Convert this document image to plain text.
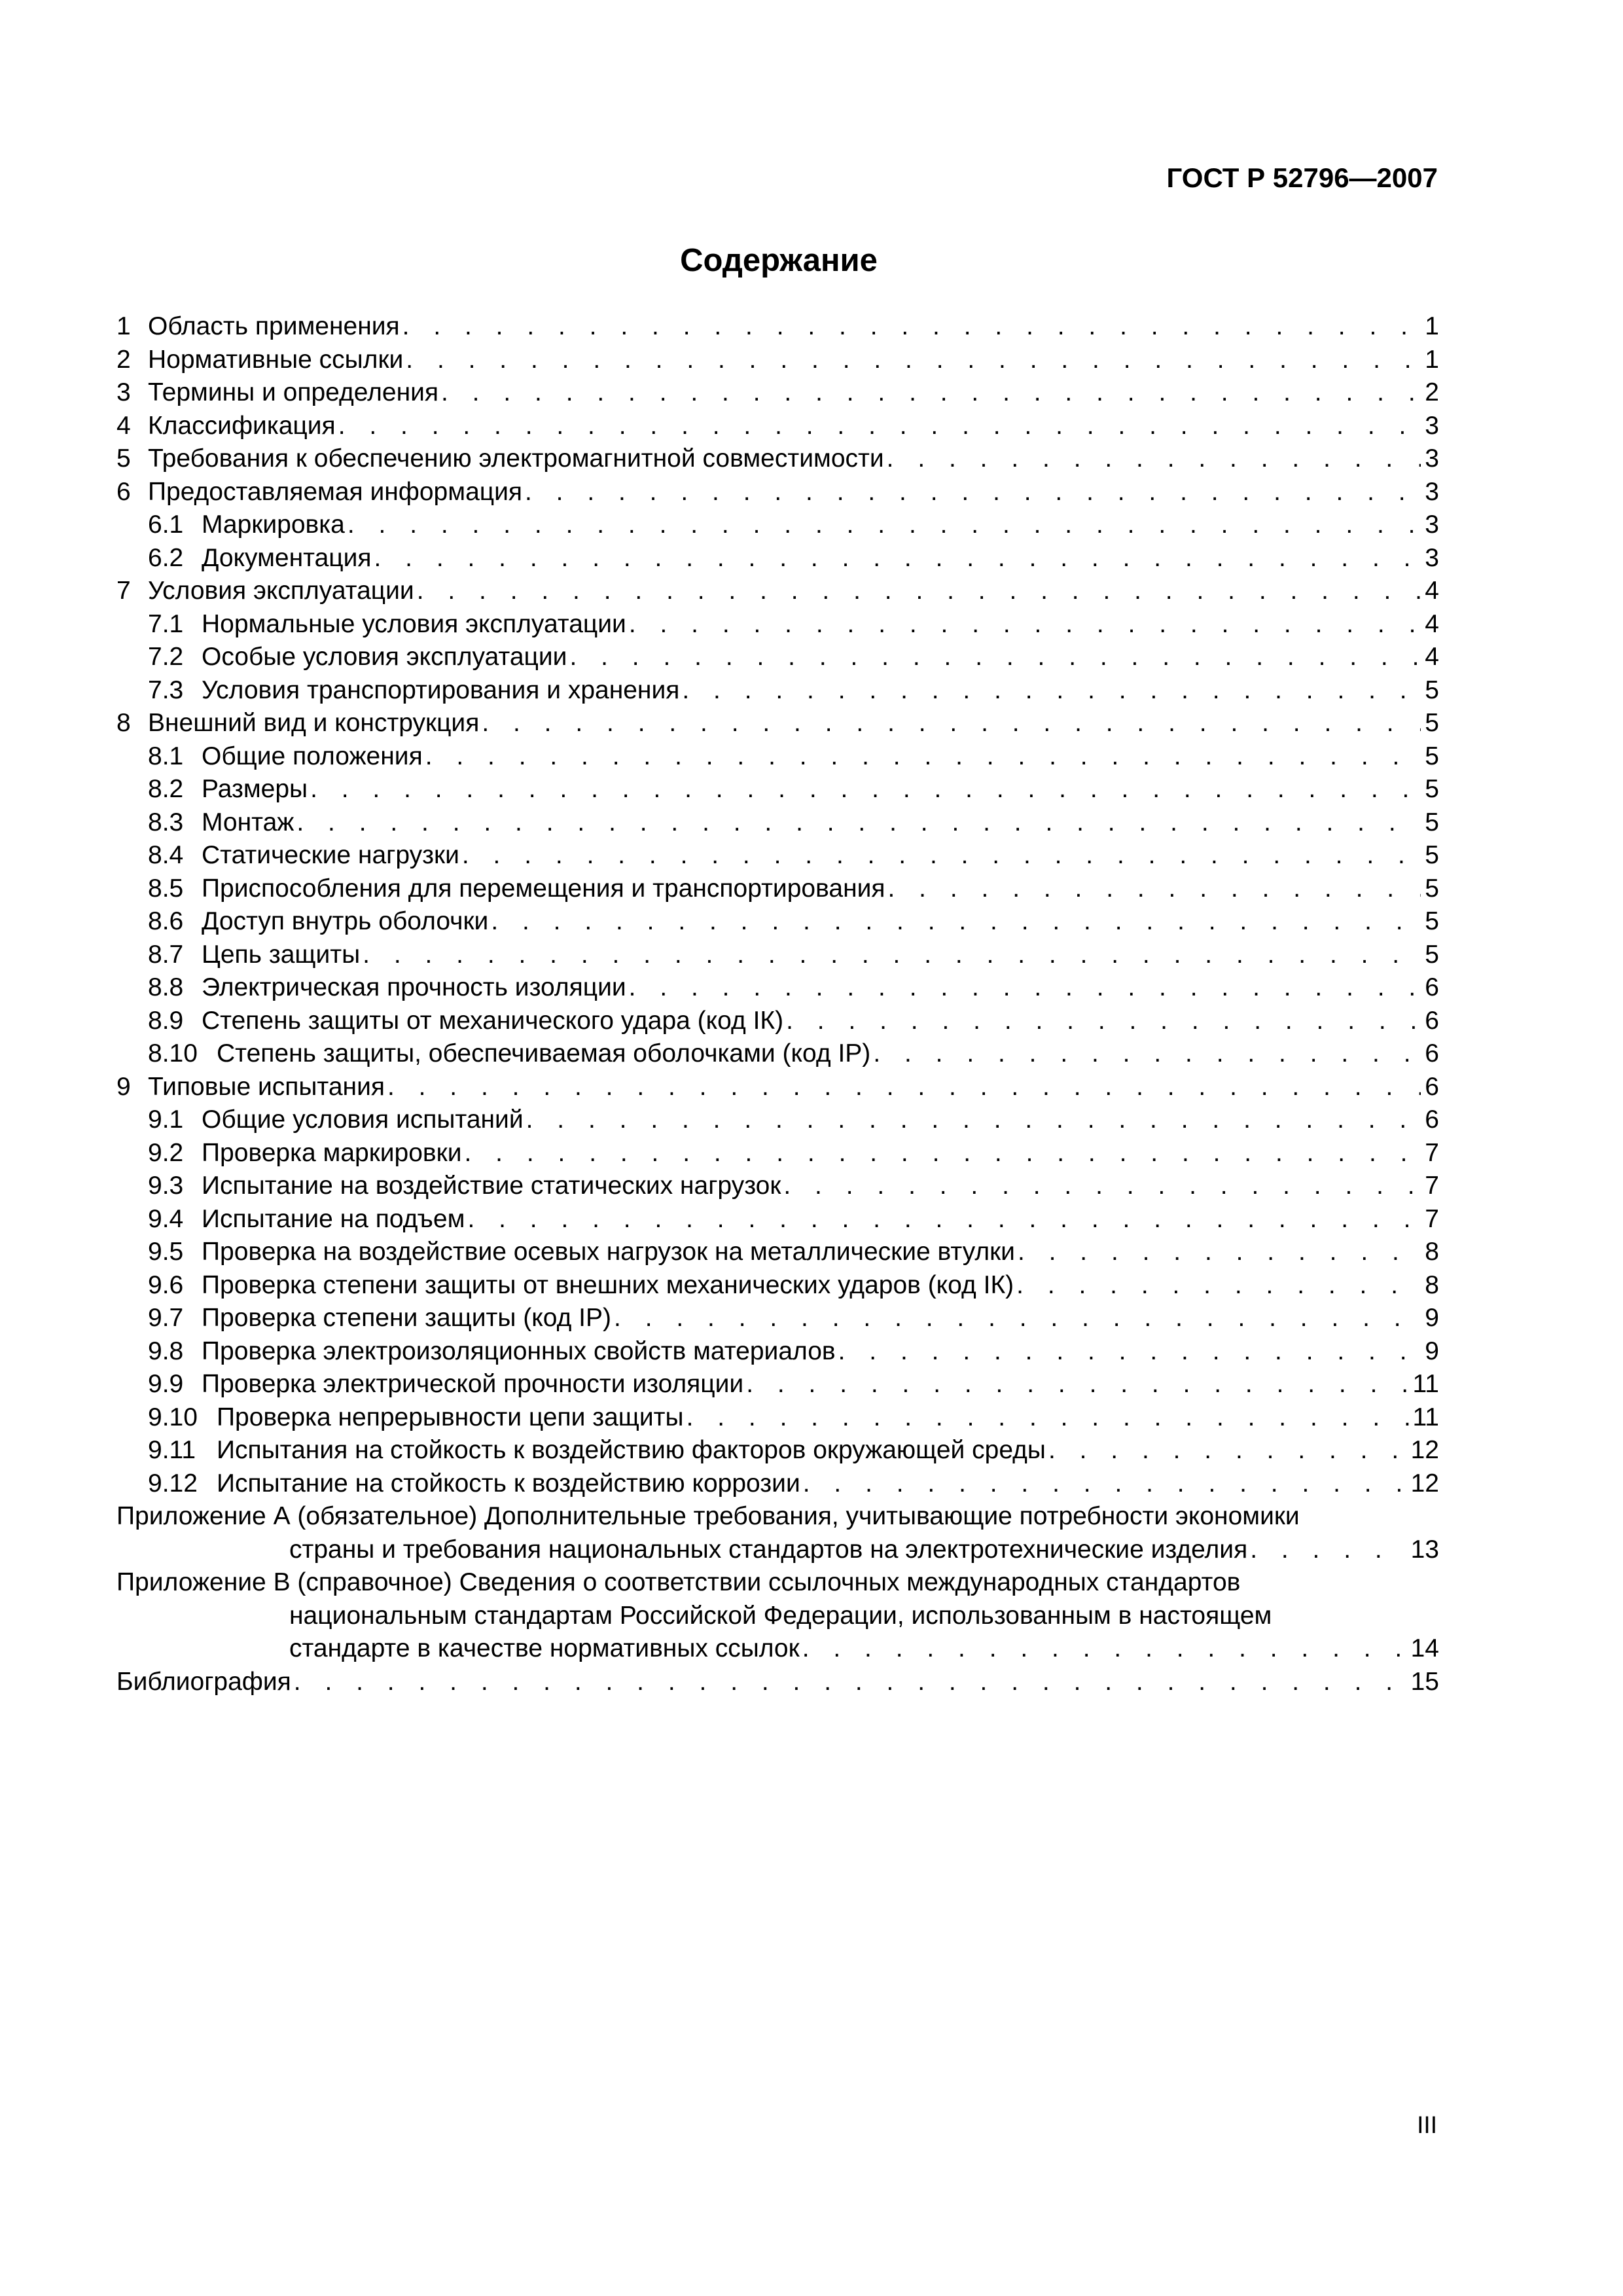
ГОСТ Р 52796—2007
Содержание
1 Область применения . . .	1
2 Нормативные ссылки . . .	1
3 Термины и определения . . .	2
4 Классификация . . .	3
5 Требования к обеспечению электромагнитной совместимости . . .	3
6 Предоставляемая информация . . .	3
6.1 Маркировка . . .	3
6.2 Документация . . .	3
7 Условия эксплуатации . . .	4
7.1 Нормальные условия эксплуатации . . .	4
7.2 Особые условия эксплуатации . . .	4
7.3 Условия транспортирования и хранения . . .	5
8 Внешний вид и конструкция . . .	5
8.1 Общие положения . . .	5
8.2 Размеры . . .	5
8.3 Монтаж . . .	5
8.4 Статические нагрузки . . .	5
8.5 Приспособления для перемещения и транспортирования . . .	5
8.6 Доступ внутрь оболочки . . .	5
8.7 Цепь защиты . . .	5
8.8 Электрическая прочность изоляции . . .	6
8.9 Степень защиты от механического удара (код IК) . . .	6
8.10 Степень защиты, обеспечиваемая оболочками (код IP) . . .	6
9 Типовые испытания . . .	6
9.1 Общие условия испытаний . . .	6
9.2 Проверка маркировки . . .	7
9.3 Испытание на воздействие статических нагрузок . . .	7
9.4 Испытание на подъем . . .	7
9.5 Проверка на воздействие осевых нагрузок на металлические втулки . . .	8
9.6 Проверка степени защиты от внешних механических ударов (код IК) . . .	8
9.7 Проверка степени защиты (код IP) . . .	9
9.8 Проверка электроизоляционных свойств материалов . . .	9
9.9 Проверка электрической прочности изоляции . . .	11
9.10 Проверка непрерывности цепи защиты . . .	11
9.11 Испытания на стойкость к воздействию факторов окружающей среды . . .	12
9.12 Испытание на стойкость к воздействию коррозии . . .	12
Приложение А (обязательное) Дополнительные требования, учитывающие потребности экономики
страны и требования национальных стандартов на электротехнические изделия . . .	13
Приложение В (справочное) Сведения о соответствии ссылочных международных стандартов
национальным стандартам Российской Федерации, использованным в настоящем
стандарте в качестве нормативных ссылок . . .	14
Библиография . . .	15
III
